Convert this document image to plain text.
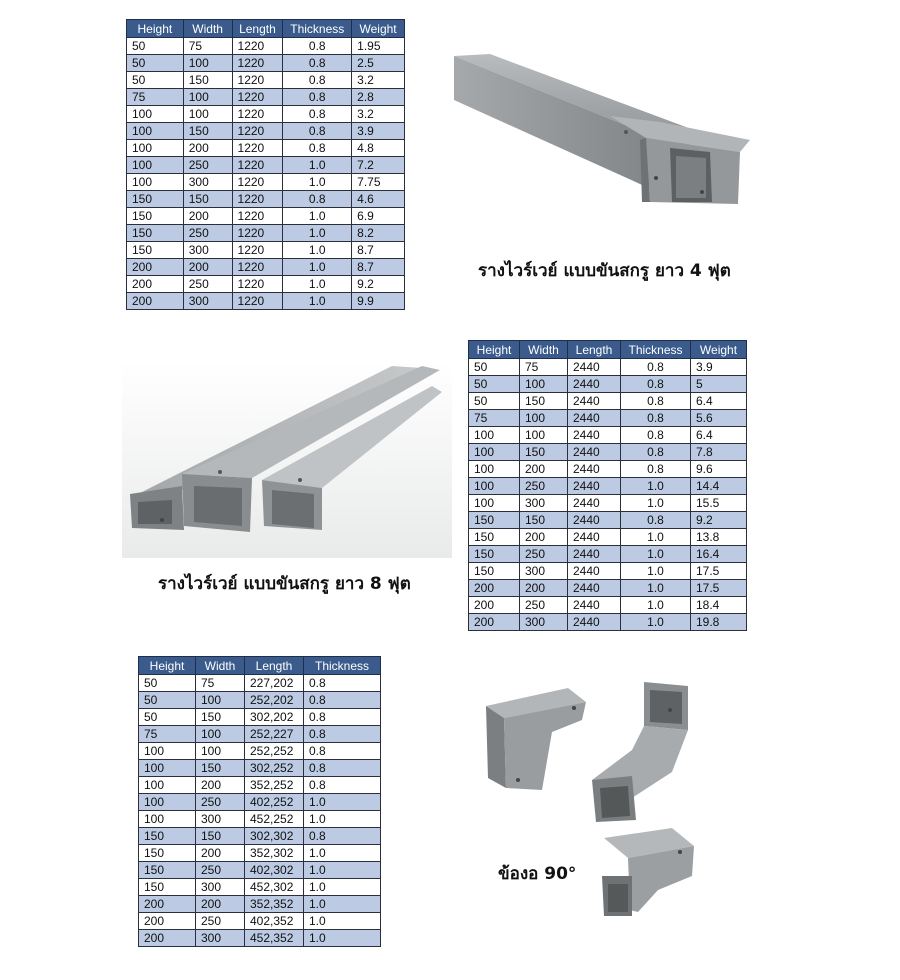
Height	Width	Length	Thickness	Weight
50	75	1220	0.8	1.95
50	100	1220	0.8	2.5
50	150	1220	0.8	3.2
75	100	1220	0.8	2.8
100	100	1220	0.8	3.2
100	150	1220	0.8	3.9
100	200	1220	0.8	4.8
100	250	1220	1.0	7.2
100	300	1220	1.0	7.75
150	150	1220	0.8	4.6
150	200	1220	1.0	6.9
150	250	1220	1.0	8.2
150	300	1220	1.0	8.7
200	200	1220	1.0	8.7
200	250	1220	1.0	9.2
200	300	1220	1.0	9.9
รางไวร์เวย์ แบบขันสกรู ยาว 4 ฟุต
รางไวร์เวย์ แบบขันสกรู ยาว 8 ฟุต
Height	Width	Length	Thickness	Weight
50	75	2440	0.8	3.9
50	100	2440	0.8	5
50	150	2440	0.8	6.4
75	100	2440	0.8	5.6
100	100	2440	0.8	6.4
100	150	2440	0.8	7.8
100	200	2440	0.8	9.6
100	250	2440	1.0	14.4
100	300	2440	1.0	15.5
150	150	2440	0.8	9.2
150	200	2440	1.0	13.8
150	250	2440	1.0	16.4
150	300	2440	1.0	17.5
200	200	2440	1.0	17.5
200	250	2440	1.0	18.4
200	300	2440	1.0	19.8
Height	Width	Length	Thickness
50	75	227,202	0.8
50	100	252,202	0.8
50	150	302,202	0.8
75	100	252,227	0.8
100	100	252,252	0.8
100	150	302,252	0.8
100	200	352,252	0.8
100	250	402,252	1.0
100	300	452,252	1.0
150	150	302,302	0.8
150	200	352,302	1.0
150	250	402,302	1.0
150	300	452,302	1.0
200	200	352,352	1.0
200	250	402,352	1.0
200	300	452,352	1.0
ข้องอ 90°
